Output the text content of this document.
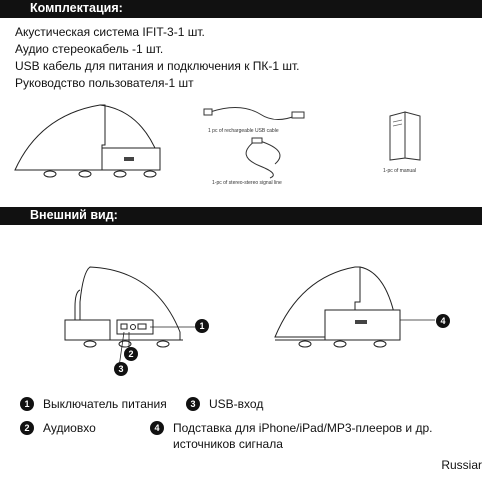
Комплектация:
Акустическая система IFIT-3-1 шт.
Аудио стереокабель -1 шт.
USB кабель для питания и подключения к ПК-1 шт.
Руководство пользователя-1 шт
1 pc of rechargeable USB cable
1-pc of stereo-stereo signal line
1-pc of manual
Внешний вид:
1
2
3
4
1	Выключатель питания	3	USB-вход
2	Аудиовхо	4	Подставка для iPhone/iPad/MP3-плееров и др.
источников сигнала
Russiar
